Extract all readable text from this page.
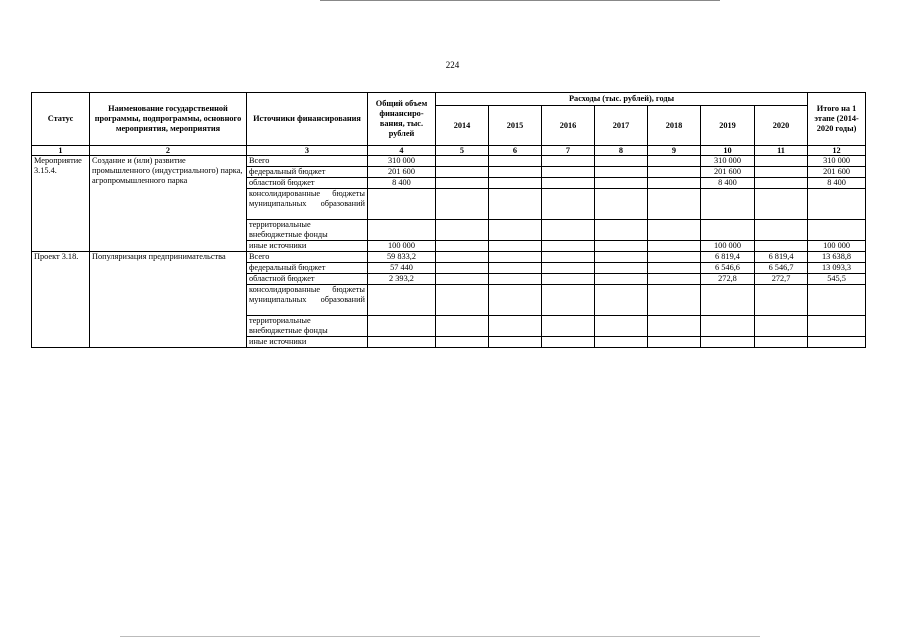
224
Статус	Наименование государственной программы, подпрограммы, основного мероприятия, мероприятия	Источники финансирования	Общий объем финансиро-вания, тыс. рублей	Расходы (тыс. рублей), годы							Итого на 1 этапе (2014-2020 годы)
				2014	2015	2016	2017	2018	2019	2020	
1	2	3	4	5	6	7	8	9	10	11	12
Мероприятие 3.15.4.	Создание и (или) развитие промышленного (индустриального) парка, агропромышленного парка	Всего	310 000						310 000		310 000
		федеральный бюджет	201 600						201 600		201 600
		областной бюджет	8 400						8 400		8 400
		консолидированные бюджеты муниципальных образований									
		территориальные внебюджетные фонды									
		иные источники	100 000						100 000		100 000
Проект 3.18.	Популяризация предпринимательства	Всего	59 833,2						6 819,4	6 819,4	13 638,8
		федеральный бюджет	57 440						6 546,6	6 546,7	13 093,3
		областной бюджет	2 393,2						272,8	272,7	545,5
		консолидированные бюджеты муниципальных образований									
		территориальные внебюджетные фонды									
		иные источники									
